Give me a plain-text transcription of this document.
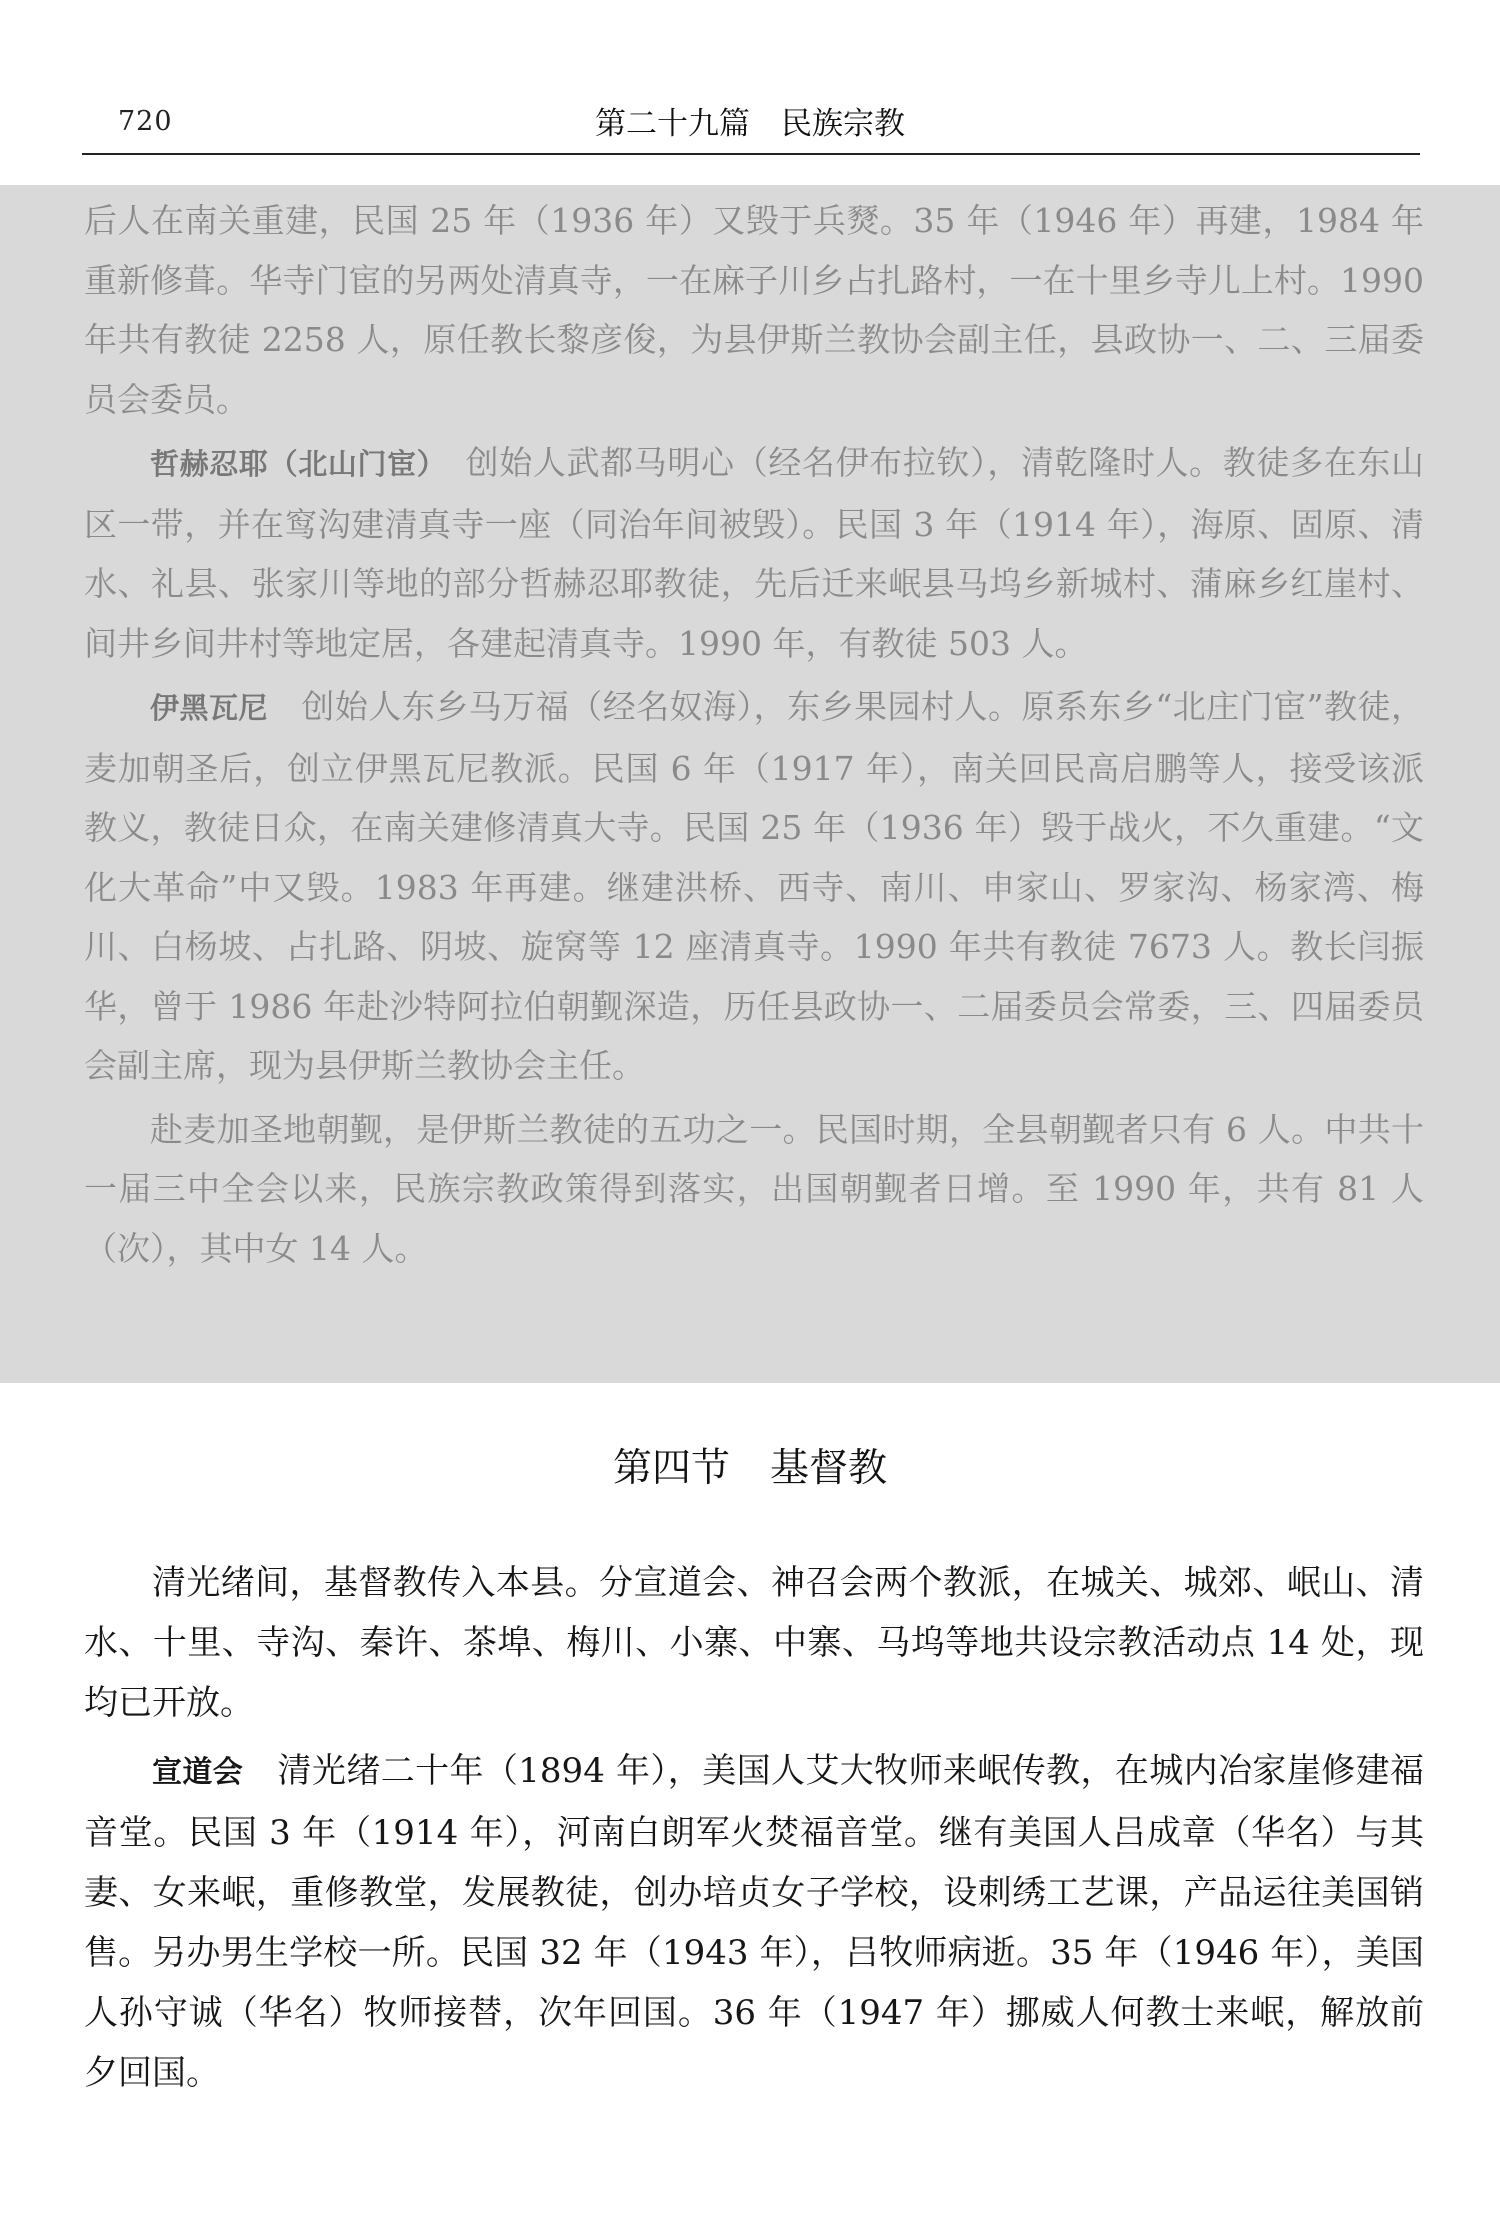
720	第二十九篇　民族宗教

后人在南关重建，民国 25 年（1936 年）又毁于兵燹。35 年（1946 年）再建，1984 年重新修葺。华寺门宦的另两处清真寺，一在麻子川乡占扎路村，一在十里乡寺儿上村。1990 年共有教徒 2258 人，原任教长黎彦俊，为县伊斯兰教协会副主任，县政协一、二、三届委员会委员。

哲赫忍耶（北山门宦）　创始人武都马明心（经名伊布拉钦），清乾隆时人。教徒多在东山区一带，并在窎沟建清真寺一座（同治年间被毁）。民国 3 年（1914 年），海原、固原、清水、礼县、张家川等地的部分哲赫忍耶教徒，先后迁来岷县马坞乡新城村、蒲麻乡红崖村、间井乡间井村等地定居，各建起清真寺。1990 年，有教徒 503 人。

伊黑瓦尼　创始人东乡马万福（经名奴海），东乡果园村人。原系东乡“北庄门宦”教徒，麦加朝圣后，创立伊黑瓦尼教派。民国 6 年（1917 年），南关回民高启鹏等人，接受该派教义，教徒日众，在南关建修清真大寺。民国 25 年（1936 年）毁于战火，不久重建。“文化大革命”中又毁。1983 年再建。继建洪桥、西寺、南川、申家山、罗家沟、杨家湾、梅川、白杨坡、占扎路、阴坡、旋窝等 12 座清真寺。1990 年共有教徒 7673 人。教长闫振华，曾于 1986 年赴沙特阿拉伯朝觐深造，历任县政协一、二届委员会常委，三、四届委员会副主席，现为县伊斯兰教协会主任。

赴麦加圣地朝觐，是伊斯兰教徒的五功之一。民国时期，全县朝觐者只有 6 人。中共十一届三中全会以来，民族宗教政策得到落实，出国朝觐者日增。至 1990 年，共有 81 人（次），其中女 14 人。

第四节 基督教

清光绪间，基督教传入本县。分宣道会、神召会两个教派，在城关、城郊、岷山、清水、十里、寺沟、秦许、茶埠、梅川、小寨、中寨、马坞等地共设宗教活动点 14 处，现均已开放。

宣道会　清光绪二十年（1894 年），美国人艾大牧师来岷传教，在城内冶家崖修建福音堂。民国 3 年（1914 年），河南白朗军火焚福音堂。继有美国人吕成章（华名）与其妻、女来岷，重修教堂，发展教徒，创办培贞女子学校，设刺绣工艺课，产品运往美国销售。另办男生学校一所。民国 32 年（1943 年），吕牧师病逝。35 年（1946 年），美国人孙守诚（华名）牧师接替，次年回国。36 年（1947 年）挪威人何教士来岷，解放前夕回国。
